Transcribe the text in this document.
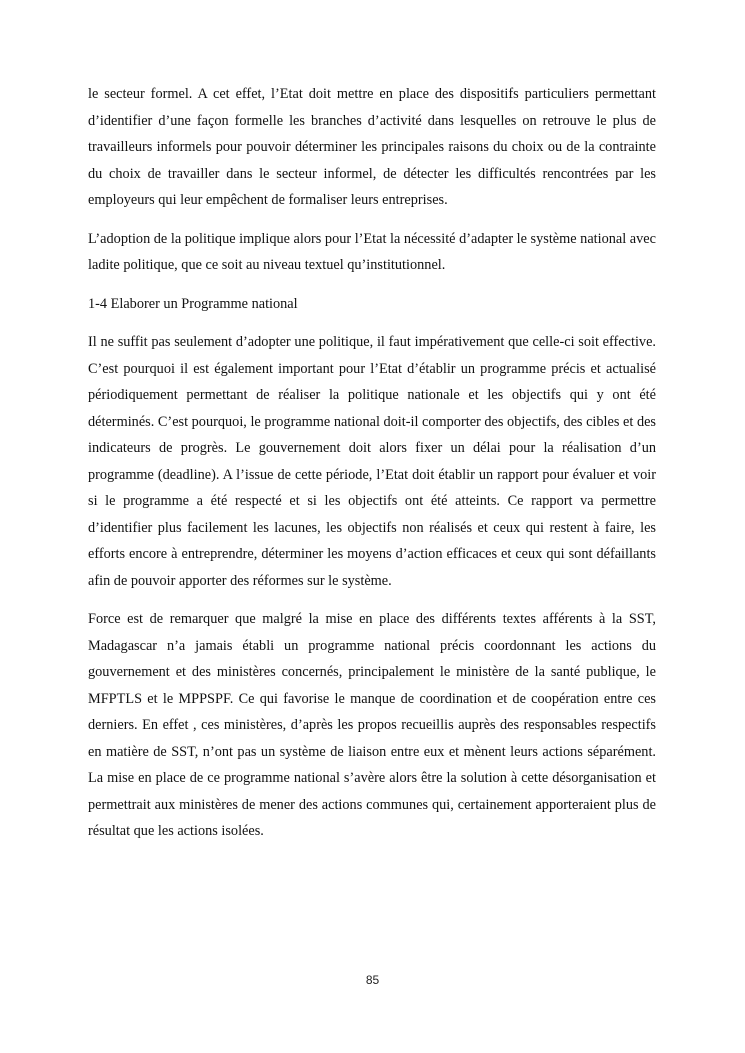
le secteur formel. A cet effet, l’Etat doit mettre en place des dispositifs particuliers permettant d’identifier d’une façon formelle les branches d’activité dans lesquelles on retrouve le plus de travailleurs informels pour pouvoir déterminer les principales raisons du choix ou de la contrainte du choix de travailler dans le secteur informel, de détecter les difficultés rencontrées par les employeurs qui leur empêchent de formaliser leurs entreprises.

L’adoption de la politique implique alors pour l’Etat la nécessité d’adapter le système national avec ladite politique, que ce soit au niveau textuel qu’institutionnel.

1-4 Elaborer un Programme national

Il ne suffit pas seulement d’adopter une politique, il faut impérativement que celle-ci soit effective. C’est pourquoi il est également important pour l’Etat d’établir un programme précis et actualisé périodiquement permettant de réaliser la politique nationale et les objectifs qui y ont été déterminés. C’est pourquoi, le programme national doit-il comporter des objectifs, des cibles et des indicateurs de progrès. Le gouvernement doit alors fixer un délai pour la réalisation d’un programme (deadline). A l’issue de cette période, l’Etat doit établir un rapport pour évaluer et voir si le programme a été respecté et si les objectifs ont été atteints. Ce rapport va permettre d’identifier plus facilement les lacunes, les objectifs non réalisés et ceux qui restent à faire, les efforts encore à entreprendre, déterminer les moyens d’action efficaces et ceux qui sont défaillants afin de pouvoir apporter des réformes sur le système.

Force est de remarquer que malgré la mise en place des différents textes afférents à la SST, Madagascar n’a jamais établi un programme national précis coordonnant les actions du gouvernement et des ministères concernés, principalement le ministère de la santé publique, le MFPTLS et le MPPSPF. Ce qui favorise le manque de coordination et de coopération entre ces derniers. En effet , ces ministères, d’après les propos recueillis auprès des responsables respectifs en matière de SST, n’ont pas un système de liaison entre eux et mènent leurs actions séparément. La mise en place de ce programme national s’avère alors être la solution à cette désorganisation et permettrait aux ministères de mener des actions communes qui, certainement apporteraient plus de résultat que les actions isolées.

85
